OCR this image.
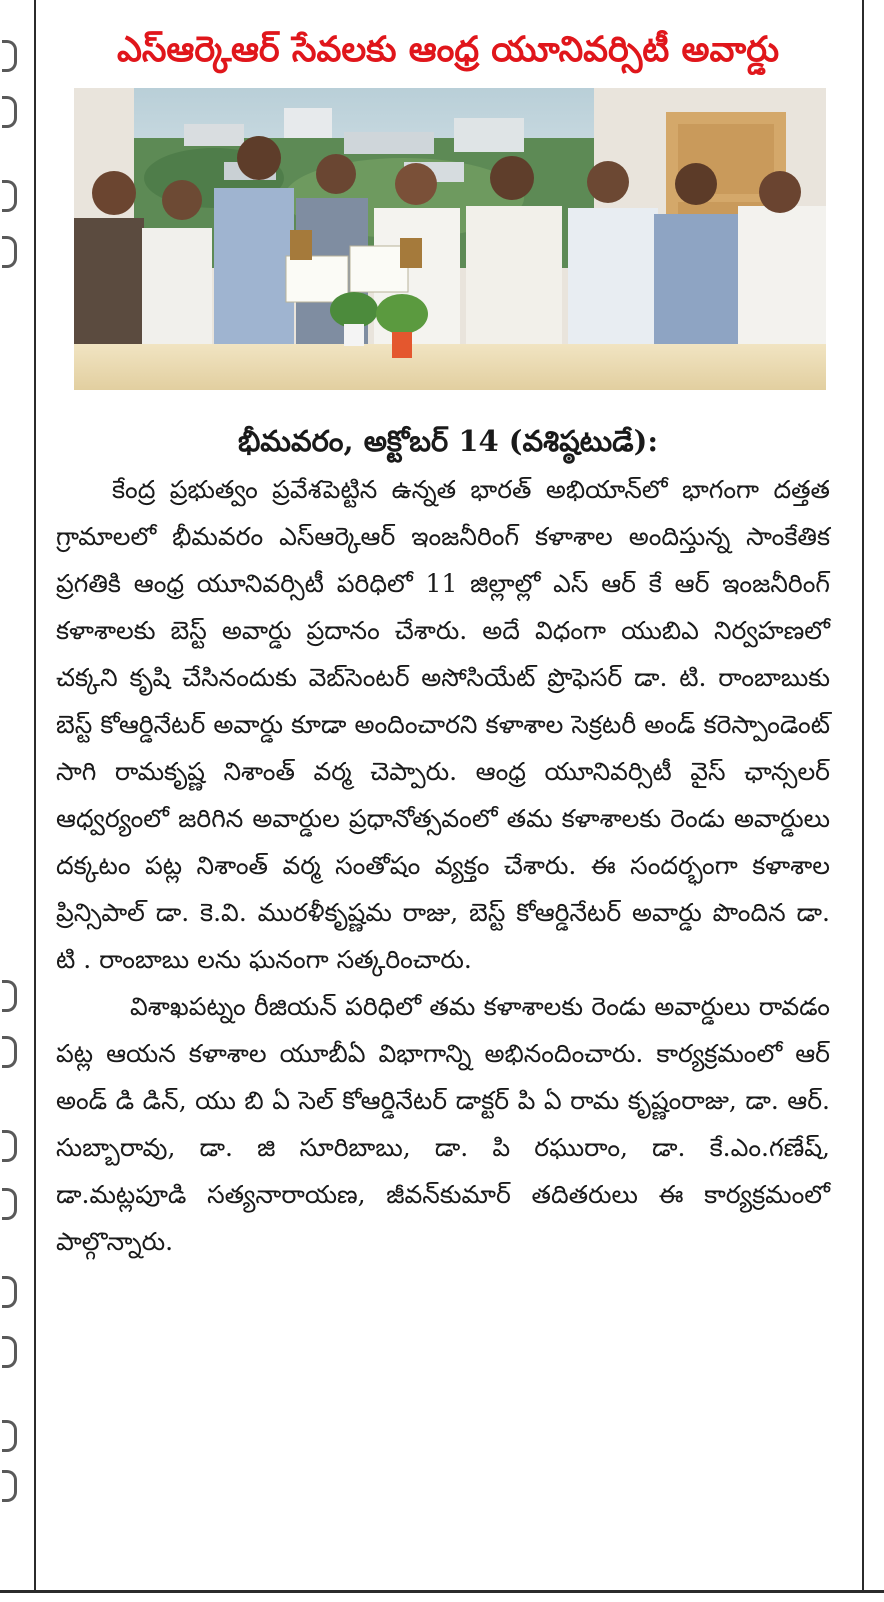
ఎస్ఆర్కెఆర్ సేవలకు ఆంధ్ర యూనివర్సిటీ అవార్డు
భీమవరం, అక్టోబర్ 14 (వశిష్ఠటుడే):

కేంద్ర ప్రభుత్వం ప్రవేశపెట్టిన ఉన్నత భారత్ అభియాన్‌లో భాగంగా దత్తత గ్రామాలలో భీమవరం ఎస్ఆర్కెఆర్ ఇంజనీరింగ్ కళాశాల అందిస్తున్న సాంకేతిక ప్రగతికి ఆంధ్ర యూనివర్సిటీ పరిధిలో 11 జిల్లాల్లో ఎస్ ఆర్ కే ఆర్ ఇంజనీరింగ్ కళాశాలకు బెస్ట్ అవార్డు ప్రదానం చేశారు. అదే విధంగా యుబిఎ నిర్వహణలో చక్కని కృషి చేసినందుకు వెబ్‌సెంటర్ అసోసియేట్ ప్రొఫెసర్ డా. టి. రాంబాబుకు బెస్ట్ కోఆర్డినేటర్ అవార్డు కూడా అందించారని కళాశాల సెక్రటరీ అండ్ కరెస్పాండెంట్ సాగి రామకృష్ణ నిశాంత్ వర్మ చెప్పారు. ఆంధ్ర యూనివర్సిటీ వైస్ ఛాన్సలర్ ఆధ్వర్యంలో జరిగిన అవార్డుల ప్రధానోత్సవంలో తమ కళాశాలకు రెండు అవార్డులు దక్కటం పట్ల నిశాంత్ వర్మ సంతోషం వ్యక్తం చేశారు. ఈ సందర్భంగా కళాశాల ప్రిన్సిపాల్ డా. కె.వి. మురళీకృష్ణమ రాజు, బెస్ట్ కోఆర్డినేటర్ అవార్డు పొందిన డా. టి . రాంబాబు లను ఘనంగా సత్కరించారు.

విశాఖపట్నం రీజియన్ పరిధిలో తమ కళాశాలకు రెండు అవార్డులు రావడం పట్ల ఆయన కళాశాల యూబీఏ విభాగాన్ని అభినందించారు. కార్యక్రమంలో ఆర్ అండ్ డి డిన్, యు బి ఏ సెల్ కోఆర్డినేటర్ డాక్టర్ పి ఏ రామ కృష్ణంరాజు, డా. ఆర్. సుబ్బారావు, డా. జి సూరిబాబు, డా. పి రఘురాం, డా. కే.ఎం.గణేష్, డా.మట్లపూడి సత్యనారాయణ, జీవన్‌కుమార్ తదితరులు ఈ కార్యక్రమంలో పాల్గొన్నారు.
